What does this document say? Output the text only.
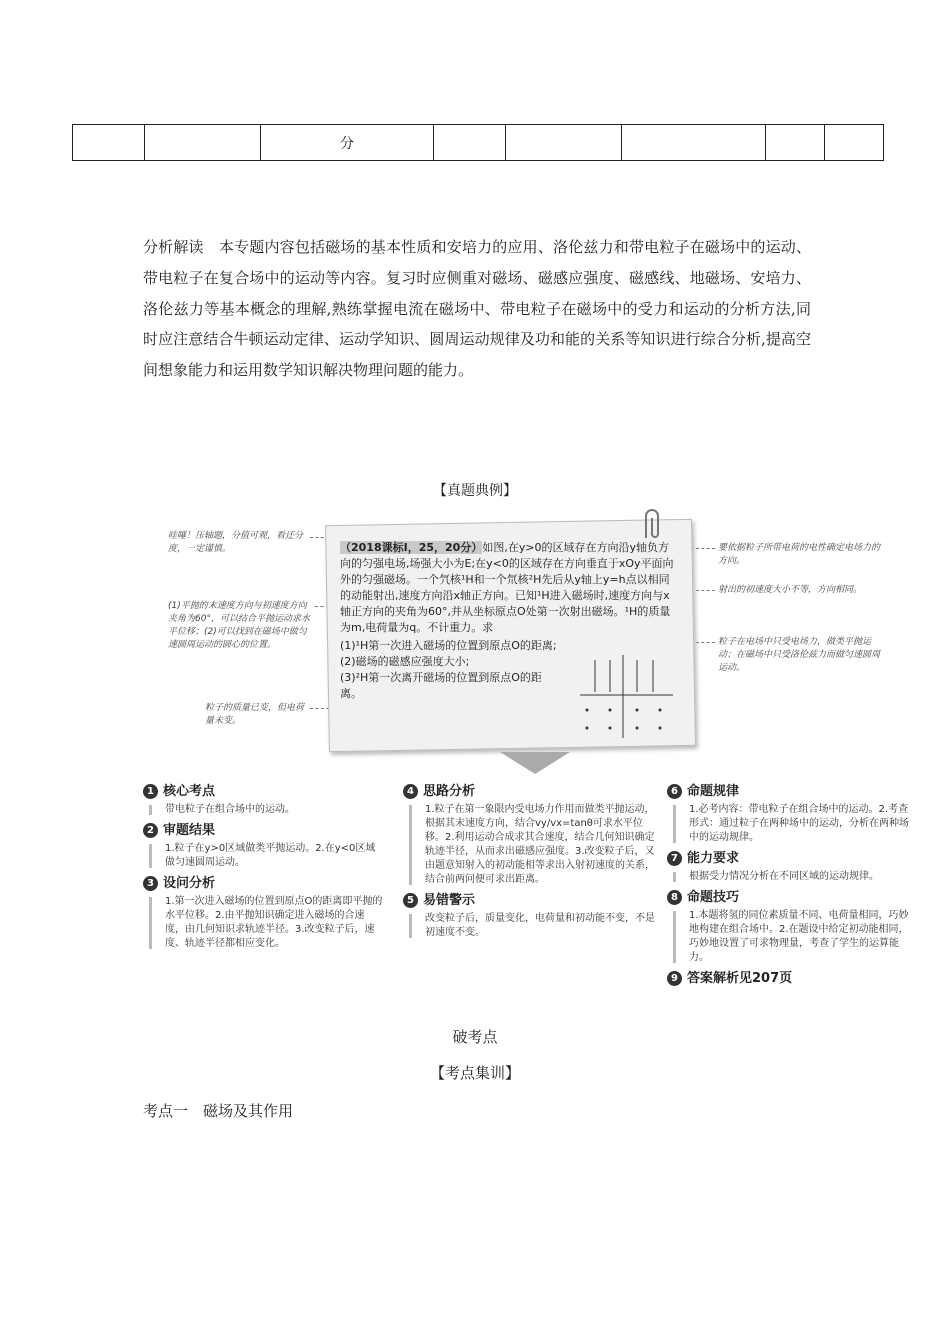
		分					
分析解读　本专题内容包括磁场的基本性质和安培力的应用、洛伦兹力和带电粒子在磁场中的运动、带电粒子在复合场中的运动等内容。复习时应侧重对磁场、磁感应强度、磁感线、地磁场、安培力、洛伦兹力等基本概念的理解,熟练掌握电流在磁场中、带电粒子在磁场中的受力和运动的分析方法,同时应注意结合牛顿运动定律、运动学知识、圆周运动规律及功和能的关系等知识进行综合分析,提高空间想象能力和运用数学知识解决物理问题的能力。
【真题典例】
哇噻！压轴题，分值可观，看还分度，一定谨慎。
(1)平抛的末速度方向与初速度方向夹角为60°，可以结合平抛运动求水平位移；(2)可以找到在磁场中做匀速圆周运动的圆心的位置。
粒子的质量已变，但电荷量未变。
要依据粒子所带电荷的电性确定电场力的方向。
射出的初速度大小不等，方向相同。
粒子在电场中只受电场力，做类平抛运动；在磁场中只受洛伦兹力而做匀速圆周运动。
（2018课标Ⅰ，25，20分）如图,在y>0的区域存在方向沿y轴负方向的匀强电场,场强大小为E;在y<0的区域存在方向垂直于xOy平面向外的匀强磁场。一个氕核¹H和一个氘核²H先后从y轴上y=h点以相同的动能射出,速度方向沿x轴正方向。已知¹H进入磁场时,速度方向与x轴正方向的夹角为60°,并从坐标原点O处第一次射出磁场。¹H的质量为m,电荷量为q。不计重力。求
(1)¹H第一次进入磁场的位置到原点O的距离;
(2)磁场的磁感应强度大小;
(3)²H第一次离开磁场的位置到原点O的距离。
1 核心考点
带电粒子在组合场中的运动。
2 审题结果
1.粒子在y>0区域做类平抛运动。2.在y<0区域做匀速圆周运动。
3 设问分析
1.第一次进入磁场的位置到原点O的距离即平抛的水平位移。2.由平抛知识确定进入磁场的合速度，由几何知识求轨迹半径。3.改变粒子后，速度、轨迹半径都相应变化。
4 思路分析
1.粒子在第一象限内受电场力作用而做类平抛运动，根据其末速度方向，结合vy/vx=tanθ可求水平位移。2.利用运动合成求其合速度，结合几何知识确定轨迹半径，从而求出磁感应强度。3.改变粒子后，又由题意知射入的初动能相等求出入射初速度的关系，结合前两问便可求出距离。
5 易错警示
改变粒子后，质量变化，电荷量和初动能不变，不是初速度不变。
6 命题规律
1.必考内容：带电粒子在组合场中的运动。2.考查形式：通过粒子在两种场中的运动，分析在两种场中的运动规律。
7 能力要求
根据受力情况分析在不同区域的运动规律。
8 命题技巧
1.本题将氢的同位素质量不同、电荷量相同，巧妙地构建在组合场中。2.在题设中给定初动能相同，巧妙地设置了可求物理量，考查了学生的运算能力。
9 答案解析见207页
破考点
【考点集训】
考点一　磁场及其作用
